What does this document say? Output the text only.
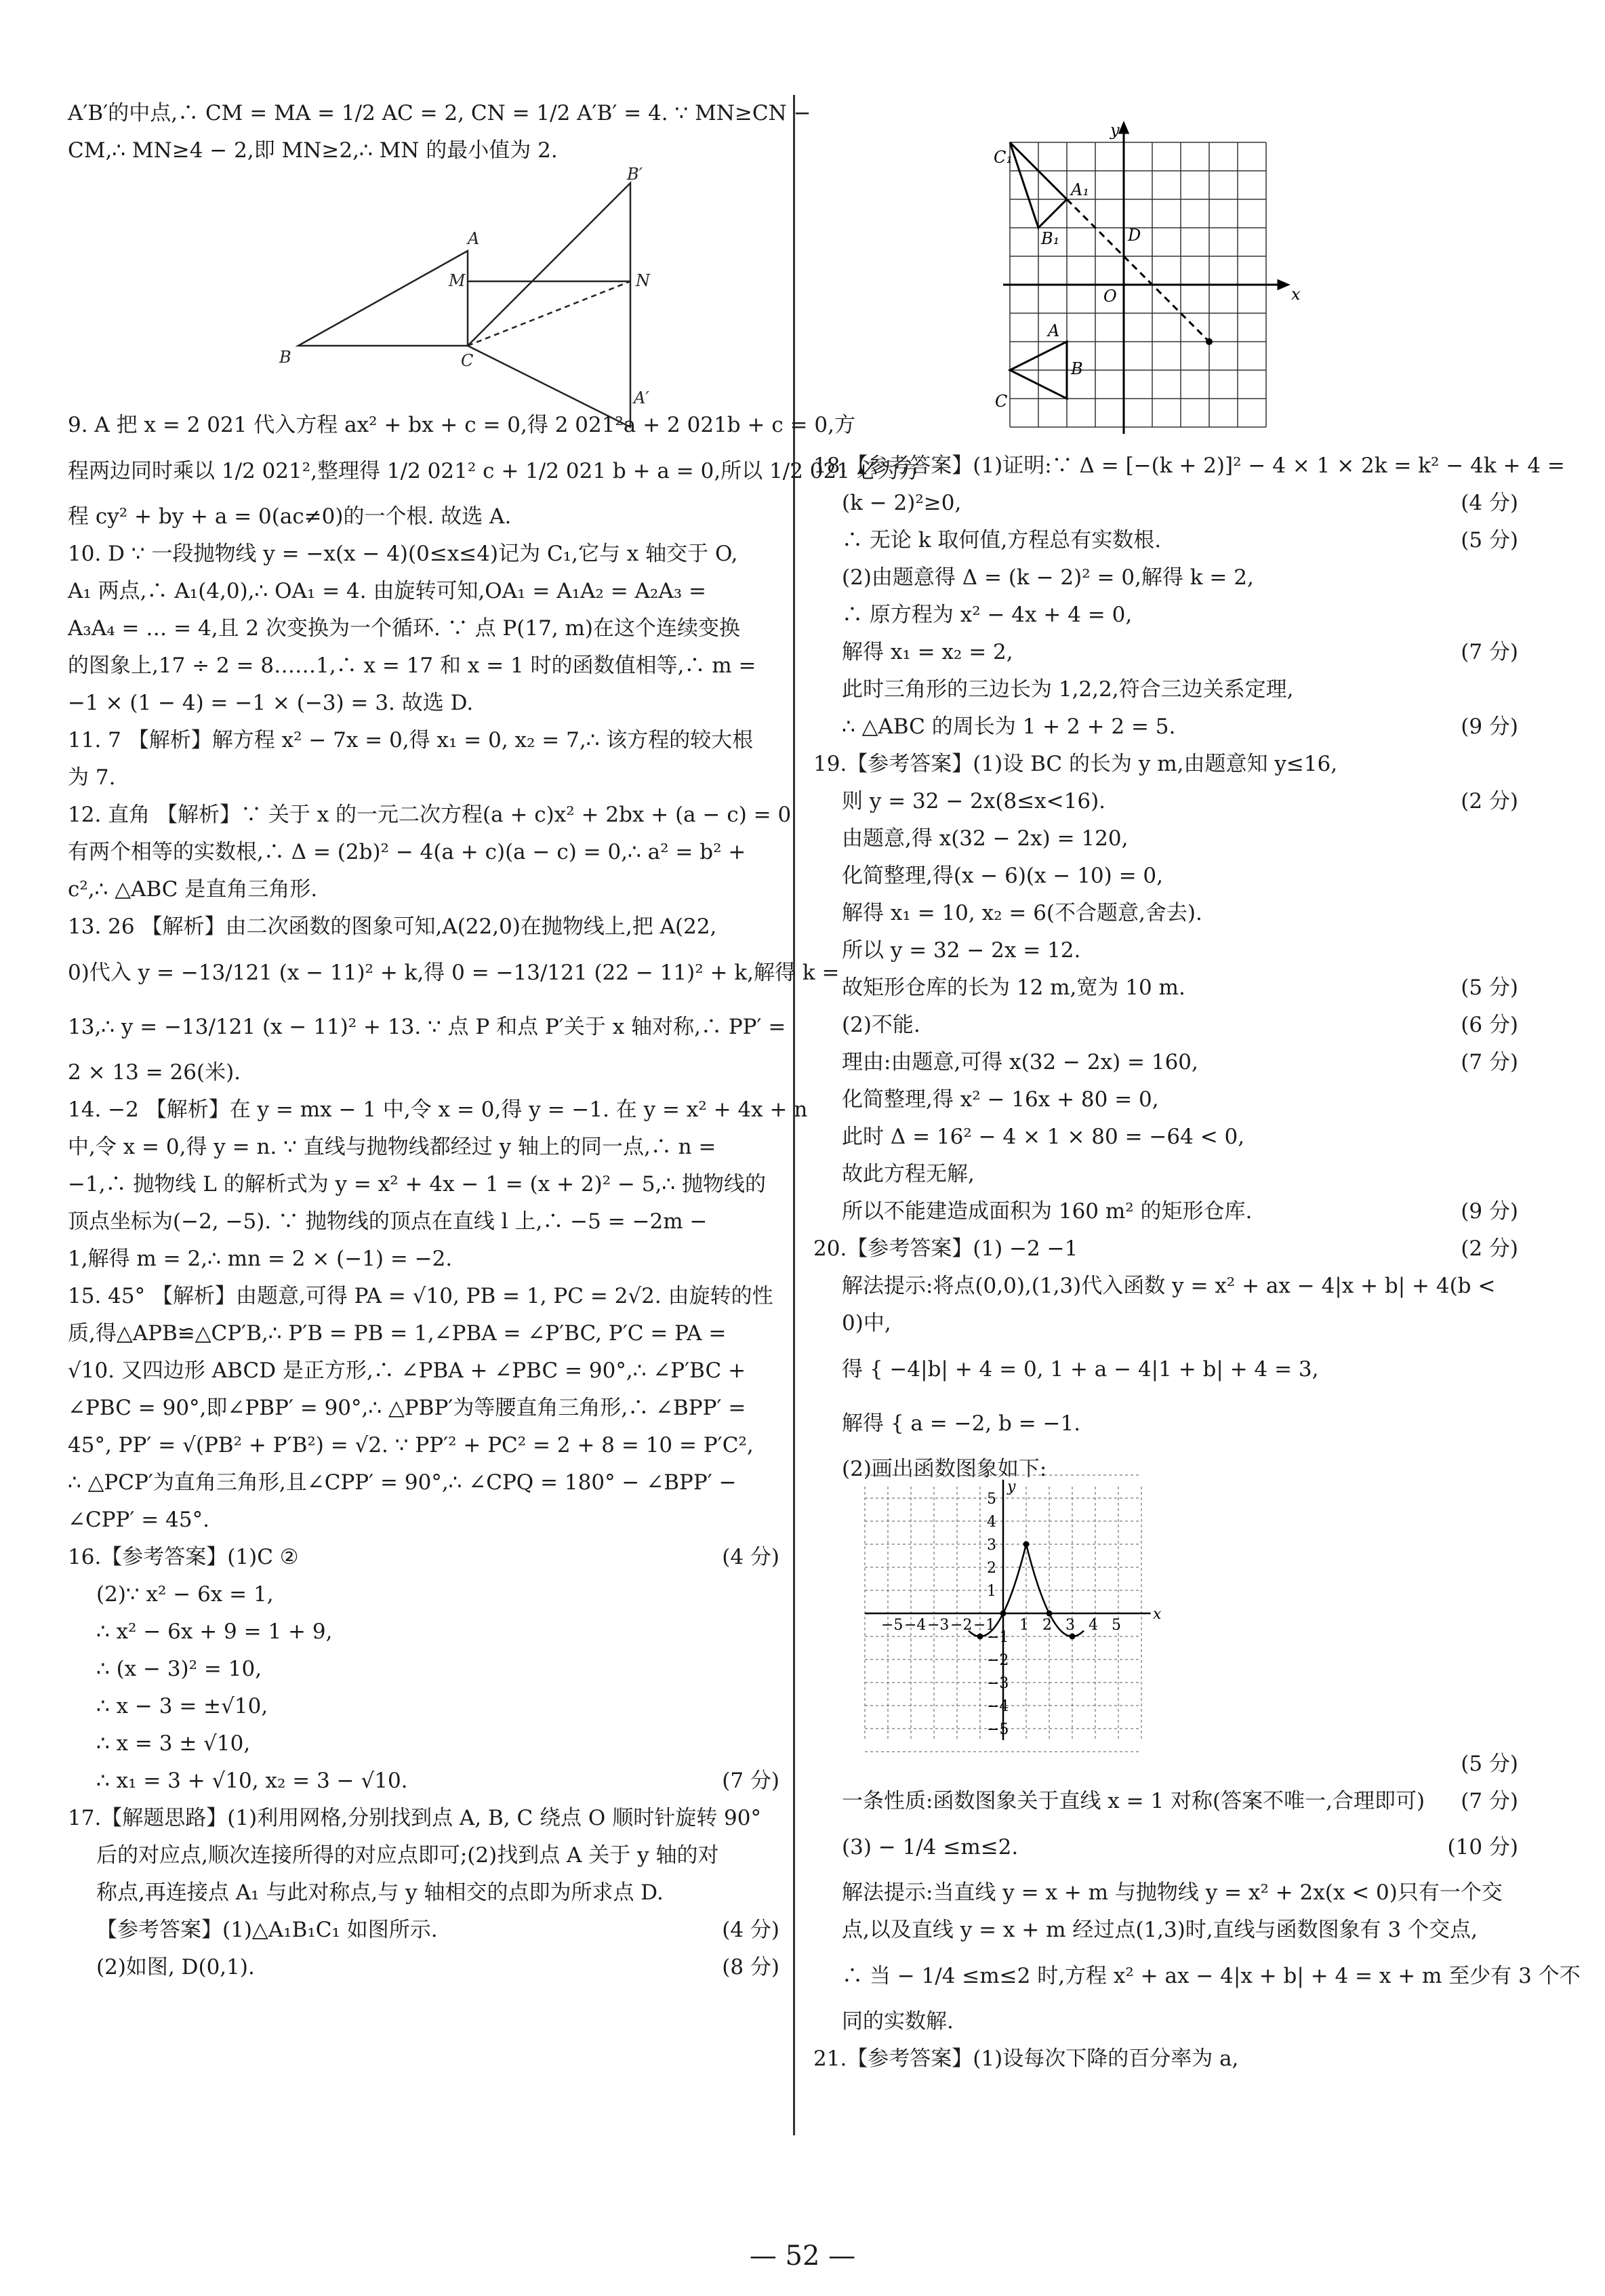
A′B′的中点,∴ CM = MA = 1/2 AC = 2, CN = 1/2 A′B′ = 4. ∵ MN≥CN −
CM,∴ MN≥4 − 2,即 MN≥2,∴ MN 的最小值为 2.
B′
A
M	N
B	C
A′
9. A 把 x = 2 021 代入方程 ax² + bx + c = 0,得 2 021²a + 2 021b + c = 0,方
程两边同时乘以 1/2 021²,整理得 1/2 021² c + 1/2 021 b + a = 0,所以 1/2 021 必为方
程 cy² + by + a = 0(ac≠0)的一个根. 故选 A.
10. D ∵ 一段抛物线 y = −x(x − 4)(0≤x≤4)记为 C₁,它与 x 轴交于 O,
A₁ 两点,∴ A₁(4,0),∴ OA₁ = 4. 由旋转可知,OA₁ = A₁A₂ = A₂A₃ =
A₃A₄ = … = 4,且 2 次变换为一个循环. ∵ 点 P(17, m)在这个连续变换
的图象上,17 ÷ 2 = 8……1,∴ x = 17 和 x = 1 时的函数值相等,∴ m =
−1 × (1 − 4) = −1 × (−3) = 3. 故选 D.
11. 7 【解析】解方程 x² − 7x = 0,得 x₁ = 0, x₂ = 7,∴ 该方程的较大根
为 7.
12. 直角 【解析】∵ 关于 x 的一元二次方程(a + c)x² + 2bx + (a − c) = 0
有两个相等的实数根,∴ Δ = (2b)² − 4(a + c)(a − c) = 0,∴ a² = b² +
c²,∴ △ABC 是直角三角形.
13. 26 【解析】由二次函数的图象可知,A(22,0)在抛物线上,把 A(22,
0)代入 y = −13/121 (x − 11)² + k,得 0 = −13/121 (22 − 11)² + k,解得 k =
13,∴ y = −13/121 (x − 11)² + 13. ∵ 点 P 和点 P′关于 x 轴对称,∴ PP′ =
2 × 13 = 26(米).
14. −2 【解析】在 y = mx − 1 中,令 x = 0,得 y = −1. 在 y = x² + 4x + n
中,令 x = 0,得 y = n. ∵ 直线与抛物线都经过 y 轴上的同一点,∴ n =
−1,∴ 抛物线 L 的解析式为 y = x² + 4x − 1 = (x + 2)² − 5,∴ 抛物线的
顶点坐标为(−2, −5). ∵ 抛物线的顶点在直线 l 上,∴ −5 = −2m −
1,解得 m = 2,∴ mn = 2 × (−1) = −2.
15. 45° 【解析】由题意,可得 PA = √10, PB = 1, PC = 2√2. 由旋转的性
质,得△APB≌△CP′B,∴ P′B = PB = 1,∠PBA = ∠P′BC, P′C = PA =
√10. 又四边形 ABCD 是正方形,∴ ∠PBA + ∠PBC = 90°,∴ ∠P′BC +
∠PBC = 90°,即∠PBP′ = 90°,∴ △PBP′为等腰直角三角形,∴ ∠BPP′ =
45°, PP′ = √(PB² + P′B²) = √2. ∵ PP′² + PC² = 2 + 8 = 10 = P′C²,
∴ △PCP′为直角三角形,且∠CPP′ = 90°,∴ ∠CPQ = 180° − ∠BPP′ −
∠CPP′ = 45°.
16.【参考答案】(1)C ②	(4 分)
(2)∵ x² − 6x = 1,
∴ x² − 6x + 9 = 1 + 9,
∴ (x − 3)² = 10,
∴ x − 3 = ±√10,
∴ x = 3 ± √10,
∴ x₁ = 3 + √10, x₂ = 3 − √10.	(7 分)
17.【解题思路】(1)利用网格,分别找到点 A, B, C 绕点 O 顺时针旋转 90°
后的对应点,顺次连接所得的对应点即可;(2)找到点 A 关于 y 轴的对
称点,再连接点 A₁ 与此对称点,与 y 轴相交的点即为所求点 D.
【参考答案】(1)△A₁B₁C₁ 如图所示.	(4 分)
(2)如图, D(0,1).	(8 分)
y
x
C₁
A₁
B₁	D
O
A
B
C
18.【参考答案】(1)证明:∵ Δ = [−(k + 2)]² − 4 × 1 × 2k = k² − 4k + 4 =
(k − 2)²≥0,	(4 分)
∴ 无论 k 取何值,方程总有实数根.	(5 分)
(2)由题意得 Δ = (k − 2)² = 0,解得 k = 2,
∴ 原方程为 x² − 4x + 4 = 0,
解得 x₁ = x₂ = 2,	(7 分)
此时三角形的三边长为 1,2,2,符合三边关系定理,
∴ △ABC 的周长为 1 + 2 + 2 = 5.	(9 分)
19.【参考答案】(1)设 BC 的长为 y m,由题意知 y≤16,
则 y = 32 − 2x(8≤x<16).	(2 分)
由题意,得 x(32 − 2x) = 120,
化简整理,得(x − 6)(x − 10) = 0,
解得 x₁ = 10, x₂ = 6(不合题意,舍去).
所以 y = 32 − 2x = 12.
故矩形仓库的长为 12 m,宽为 10 m.	(5 分)
(2)不能.	(6 分)
理由:由题意,可得 x(32 − 2x) = 160,	(7 分)
化简整理,得 x² − 16x + 80 = 0,
此时 Δ = 16² − 4 × 1 × 80 = −64 < 0,
故此方程无解,
所以不能建造成面积为 160 m² 的矩形仓库.	(9 分)
20.【参考答案】(1) −2 −1	(2 分)
解法提示:将点(0,0),(1,3)代入函数 y = x² + ax − 4|x + b| + 4(b <
0)中,
得 { −4|b| + 4 = 0, 1 + a − 4|1 + b| + 4 = 3,
解得 { a = −2, b = −1.
(2)画出函数图象如下:
x
y
−5
−5
−4
−4
−3
−3
−2
−2
−1
−1
1
1
2
2
3
3
4
4
5
5
(5 分)
一条性质:函数图象关于直线 x = 1 对称(答案不唯一,合理即可) (7 分)
(3) − 1/4 ≤m≤2.	(10 分)
解法提示:当直线 y = x + m 与抛物线 y = x² + 2x(x < 0)只有一个交
点,以及直线 y = x + m 经过点(1,3)时,直线与函数图象有 3 个交点,
∴ 当 − 1/4 ≤m≤2 时,方程 x² + ax − 4|x + b| + 4 = x + m 至少有 3 个不
同的实数解.
21.【参考答案】(1)设每次下降的百分率为 a,
— 52 —
